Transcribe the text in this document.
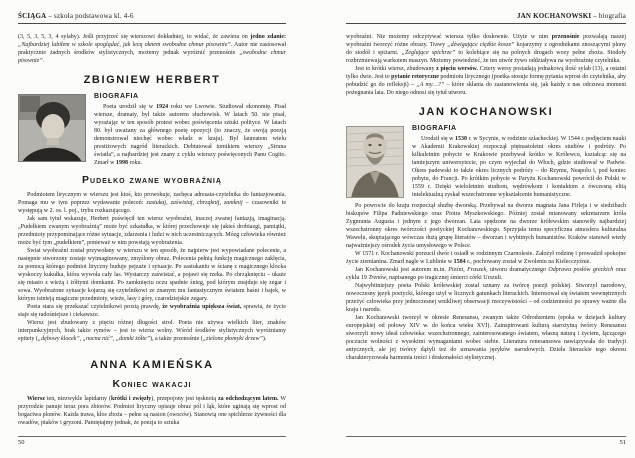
ŚCIĄGA – szkoła podstawowa kl. 4-6

(3, 5, 3, 5, 3, 4 sylaby). Jeśli przyjrzeć się wierszowi dokładniej, to widać, że zawiera on jedno zdanie: „Najbardziej lubiłem w szkole spoglądać, jak lecą oknem swobodne chmur pisownie”. Autor nie zastosował praktycznie żadnych środków stylistycznych, możemy jednak wyróżnić przenośnie „swobodne chmur pisownie”.

ZBIGNIEW HERBERT
BIOGRAFIA

Poeta urodził się w 1924 roku we Lwowie. Studiował ekonomię. Pisał wiersze, dramaty, był także autorem słuchowisk. W latach 50. nie pisał, wyrażając w ten sposób protest wobec poświęcenia sztuki polityce. W latach 80. był uważany za głównego poetę opozycji (to znaczy, że swoją poezją demonstrował niechęć wobec władz w kraju). Był laureatem wielu prestiżowych nagród literackich. Debiutował tomikiem wierszy „Struna światła”, a najbardziej jest znany z cyklu wierszy poświęconych Panu Cogito. Zmarł w 1998 roku.

Pudełko zwane wyobraźnią

Podmiotem lirycznym w wierszu jest ktoś, kto prowokuje, zachęca adresata-czytelnika do fantazjowania. Pomaga mu w tym poprzez wydawanie poleceń: zastukaj, zaświstaj, chrząknij, zamknij – czasowniki te występują w 2. os. l. poj., trybu rozkazującego.

Jak sam tytuł wskazuje, Herbert poświęcił ten wiersz wyobraźni, inaczej zwanej fantazją, imaginacją. „Pudełkiem zwanym wyobraźnią” może być szkatułka, w której przechowuje się jakieś drobiazgi, pamiątki, przedmioty przypominające różne sytuacje, zdarzenia i ludzi w nich uczestniczących. Mózg człowieka również może być tym „pudełkiem”, ponieważ w nim powstają wyobrażenia.

Świat wyobraźni został przywołany w wierszu w ten sposób, że najpierw jest wypowiadane polecenie, a następnie stworzony zostaje wyimaginowany, zmyślony obraz. Polecenia pełnią funkcję magicznego zaklęcia, za pomocą którego podmiot liryczny buduje pejzaże i sytuacje. Po zastukaniu w ścianę z magicznego klocka wyskoczy kukułka, która wywoła cały las. Wystarczy zaświstać, a pojawi się rzeka. Po chrząknięciu – ukaże się miasto z wieżą i żółtymi domkami. Po zamknięciu oczu spadnie śnieg, pod którym znajduje się zegar i sowa. Wyobrażone sytuacje kojarzą się czytelnikowi ze znanym mu fantastycznym światem baśni i bajek, w którym istnieją magiczne przedmioty, wieże, lasy i góry, czarodziejskie zegary.

Poeta stara się przekazać czytelnikowi prostą prawdę, że wyobraźnia upiększa świat, sprawia, że życie staje się radośniejsze i ciekawsze.

Wiersz jest zbudowany z pięciu różnej długości strof. Poeta nie używa wielkich liter, znaków interpunkcyjnych, brak także rymów – jest to wiersz wolny. Wśród środków stylistycznych wyróżniamy epitety („dębowy klocek”, „nocna nić”, „domki żółte”), a także przenośnie („zielone płomyki drzew”).

ANNA KAMIEŃSKA
Koniec wakacji

Wiersz ten, niezwykle lapidarny (krótki i zwięzły), przepojony jest tęsknotą za odchodzącym latem. W przyrodzie panuje teraz pora zbiorów. Podmiot liryczny opisuje obraz pól i łąk, które uginają się wprost od bogactwa plonów. Każda trawa, kłos zboża – pełne są nasion (owoców). Stanowią one spichlerze żywności dla owadów, ptaków i gryzoni. Pamiętajmy jednak, że poezja to sztuka

50
JAN KOCHANOWSKI – biografia

wyobraźni. Nie możemy odczytywać wiersza tylko dosłownie. Użyte w nim przenośnie pozwalają naszej wyobraźni tworzyć różne obrazy. Trawy „dźwigające ciężkie kosze” kojarzymy z ogrodnikami znoszącymi plony do stodół i spiżarni. „Żeglujące spichrze” to kolebiące się na polnych drogach wozy pełne zboża. Stodoły rozbrzmiewają warkotem maszyn. Możemy powiedzieć, że ten utwór żywo oddziaływa na wyobraźnię czytelnika.

Jest to krótki wiersz, zbudowany z pięciu wersów. Cztery wersy posiadają jednakową ilość sylab (13), a ostatni tylko dwie. Jest to pytanie retoryczne podmiotu lirycznego (poetka stosuje formę pytania wprost do czytelnika, aby pobudzić go do refleksji) – „A my…?” – które skłania do zastanowienia się, jak każdy z nas odczuwa moment pożegnania lata. Do niego odnosi się tytuł utworu.

JAN KOCHANOWSKI
BIOGRAFIA

Urodził się w 1530 r. w Sycynie, w rodzinie szlacheckiej. W 1544 r. podjęciem nauki w Akademii Krakowskiej rozpoczął piętnastoletni okres studiów i podróży. Po kilkuletnim pobycie w Krakowie przebywał krótko w Królewcu, kształcąc się na tamtejszym uniwersytecie, po czym wyjechał do Włoch, gdzie studiował w Padwie. Okres padewski to także okres licznych podróży – do Rzymu, Neapolu i, pod koniec pobytu, do Francji. Po krótkim pobycie w Paryżu Kochanowski powrócił do Polski w 1559 r. Dzięki wieloletnim studiom, wędrówkom i kontaktom z ówczesną elitą intelektualną zyskał wszechstronne wykształcenie humanistyczne.

Po powrocie do kraju rozpoczął służbę dworską. Przebywał na dworze magnata Jana Firleja i w siedzibach biskupów Filipa Padniewskiego oraz Piotra Myszkowskiego. Później został mianowany sekretarzem króla Zygmunta Augusta i jednym z jego dworzan. Lata spędzone na dworze królewskim stanowiły najbardziej wszechstronny okres twórczości poetyckiej Kochanowskiego. Sprzyjała temu specyficzna atmosfera kulturalna Wawelu, skupiającego wówczas dużą grupę literatów – dworzan i wybitnych humanistów. Kraków stanowił wtedy najważniejszy ośrodek życia umysłowego w Polsce.

W 1571 r. Kochanowski porzucił dwór i osiadł w rodzinnym Czarnolesie. Założył rodzinę i prowadził spokojne życie ziemianina. Zmarł nagle w Lublinie w 1584 r., pochowany został w Zwoleniu na Kielecczyźnie.

Jan Kochanowski jest autorem m.in. Pieśni, Fraszek, utworu dramatycznego Odprawa posłów greckich oraz cyklu 19 Trenów, napisanego po tragicznej śmierci córki Urszuli.

Najwybitniejszy poeta Polski królewskiej został uznany za twórcę poezji polskiej. Stworzył narodowy, nowoczesny język poetycki, którego użył w licznych gatunkach literackich. Interesował się światem wewnętrznych przeżyć człowieka przy jednoczesnej wnikliwej obserwacji rzeczywistości – od codzienności po sprawy ważne dla kraju i narodu.

Jan Kochanowski tworzył w okresie Renesansu, zwanym także Odrodzeniem (epoka w dziejach kultury europejskiej od połowy XIV w. do końca wieku XVI). Zainspirowani kulturą starożytną twórcy Renesansu stworzyli nowy ideał człowieka: wszechstronnego, zainteresowanego światem, własną naturą i życiem, łączącego poczucie wolności z wysokimi wymaganiami wobec siebie. Literatura renesansowa nawiązywała do tradycji antycznych, ale jej twórcy dążyli też do uznawania języków narodowych. Dzieła literackie tego okresu charakteryzowała harmonia treści i doskonałości stylistycznej.

51
